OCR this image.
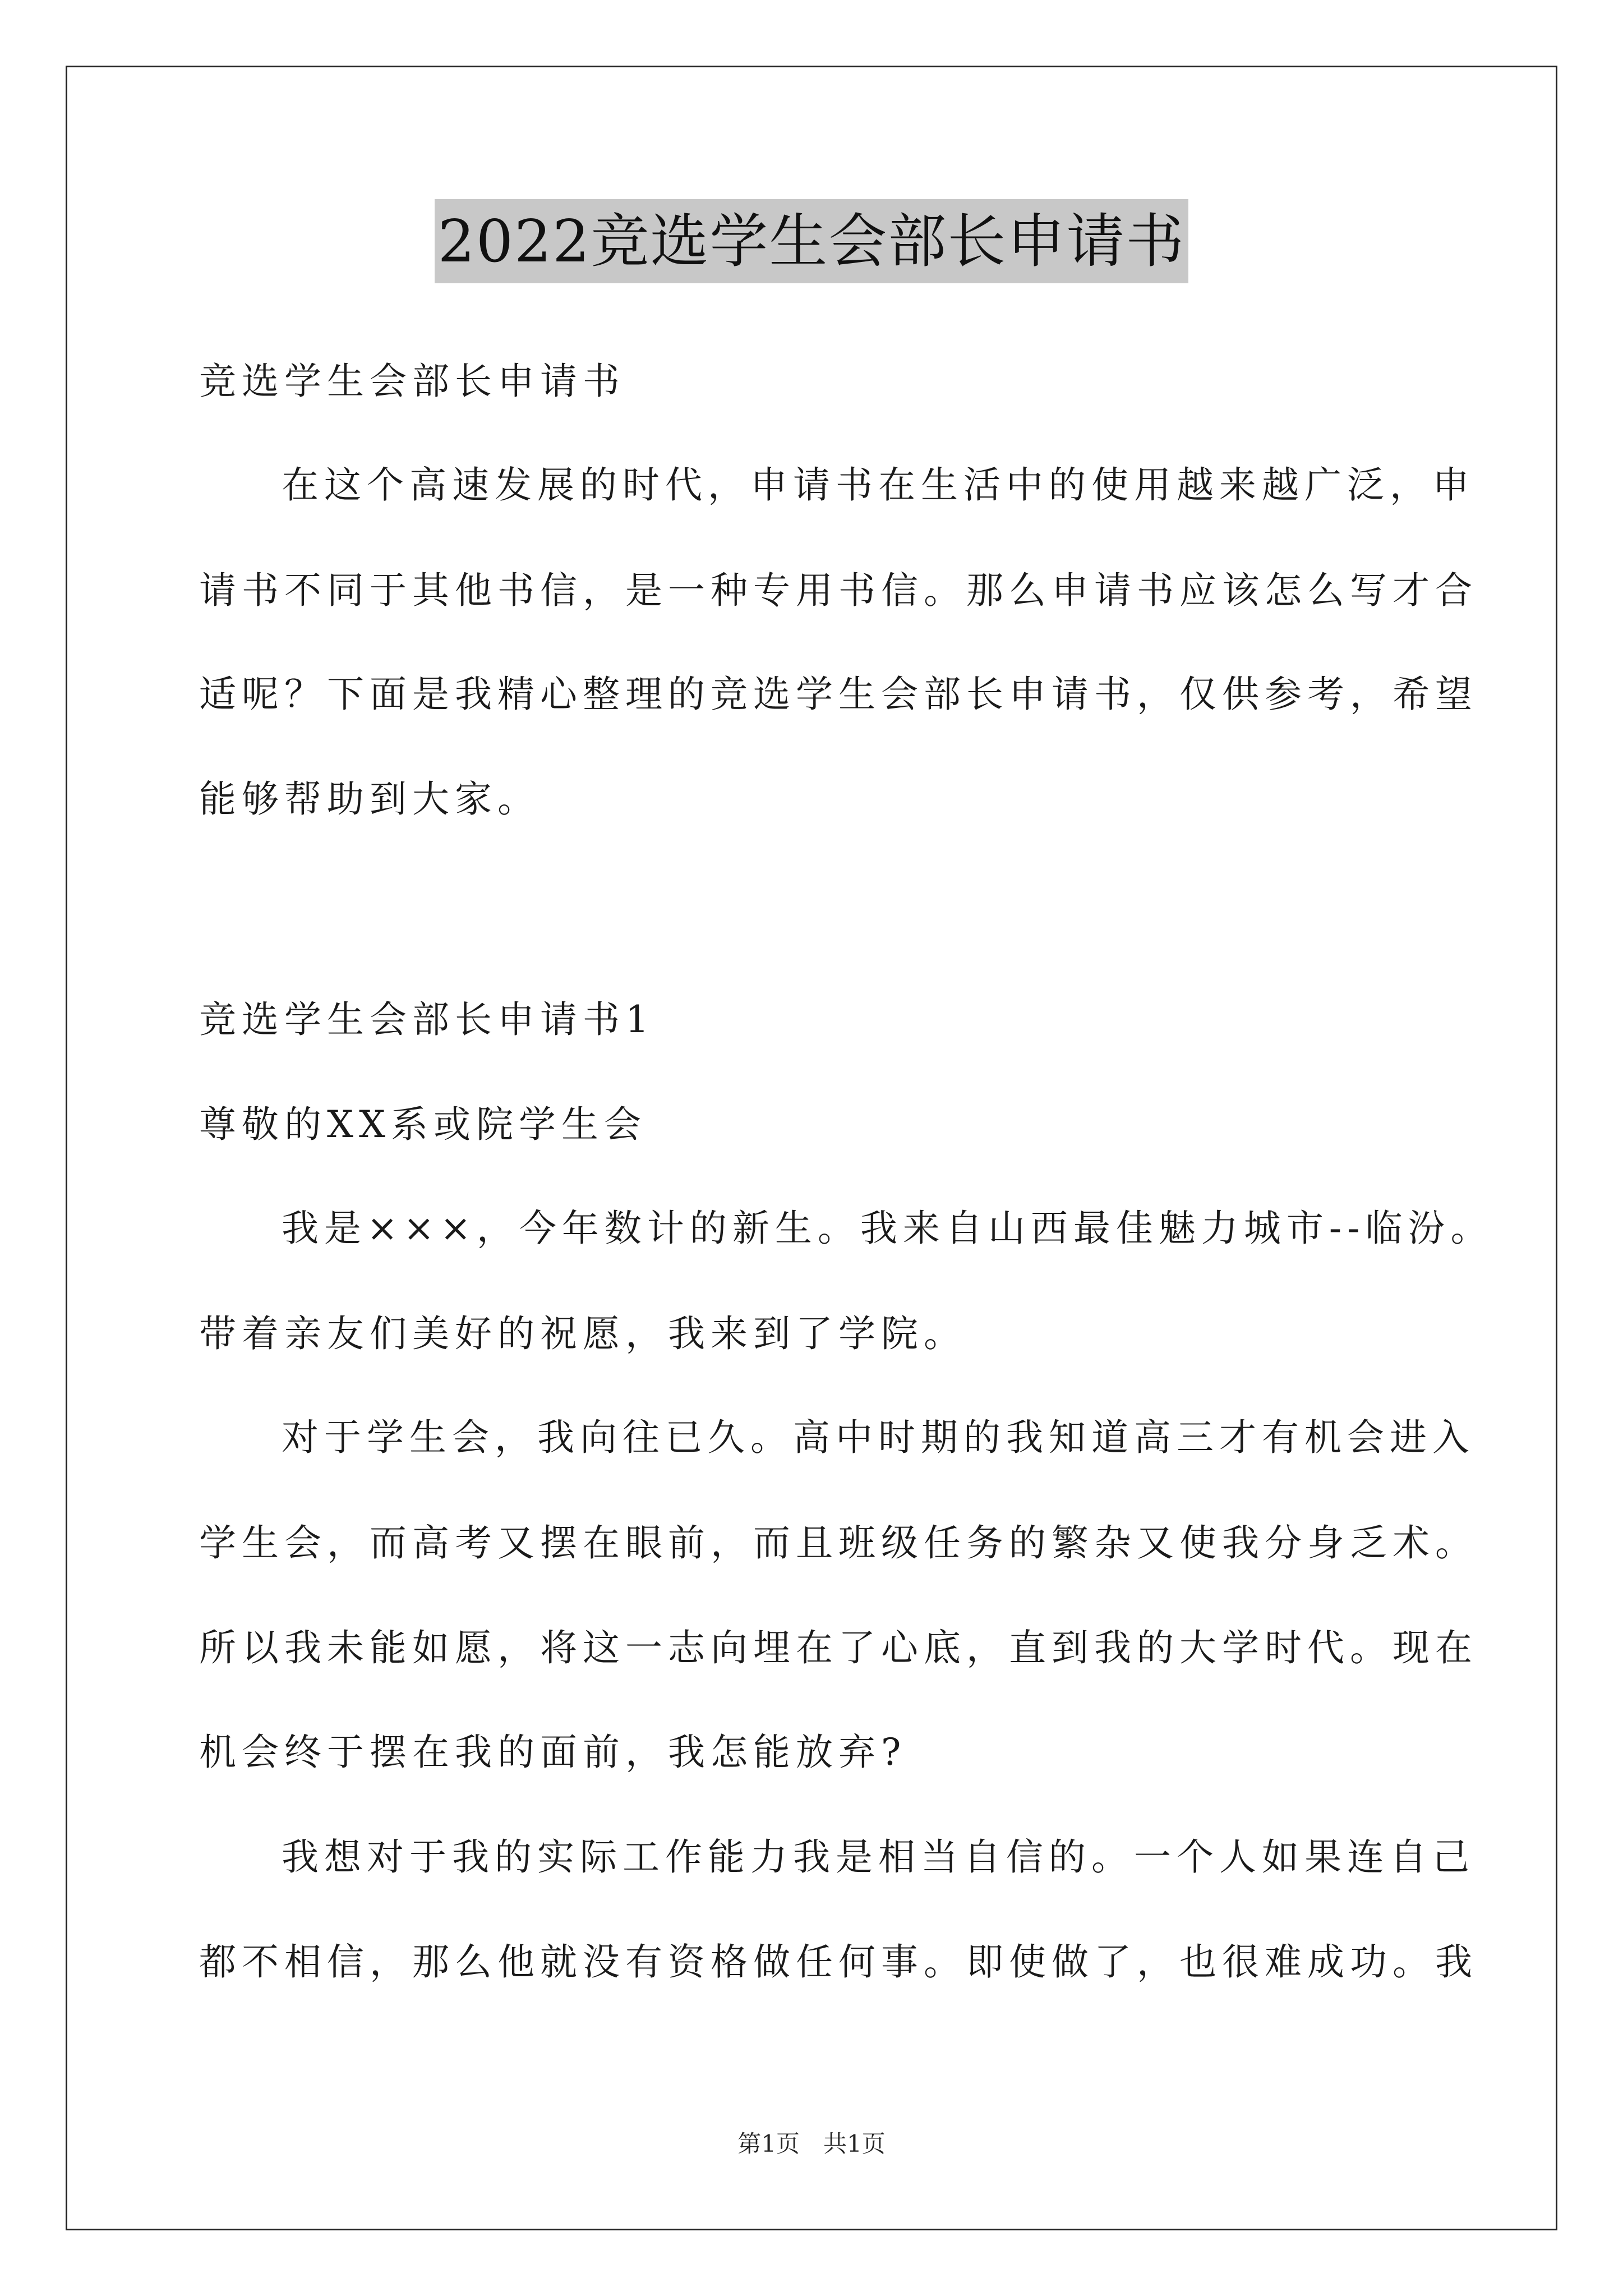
2022竞选学生会部长申请书
竞选学生会部长申请书
在这个高速发展的时代，申请书在生活中的使用越来越广泛，申
请书不同于其他书信，是一种专用书信。那么申请书应该怎么写才合
适呢？下面是我精心整理的竞选学生会部长申请书，仅供参考，希望
能够帮助到大家。
竞选学生会部长申请书1
尊敬的XX系或院学生会
我是×××，今年数计的新生。我来自山西最佳魅力城市--临汾。
带着亲友们美好的祝愿，我来到了学院。
对于学生会，我向往已久。高中时期的我知道高三才有机会进入
学生会，而高考又摆在眼前，而且班级任务的繁杂又使我分身乏术。
所以我未能如愿，将这一志向埋在了心底，直到我的大学时代。现在
机会终于摆在我的面前，我怎能放弃?
我想对于我的实际工作能力我是相当自信的。一个人如果连自己
都不相信，那么他就没有资格做任何事。即使做了，也很难成功。我
第1页　共1页
